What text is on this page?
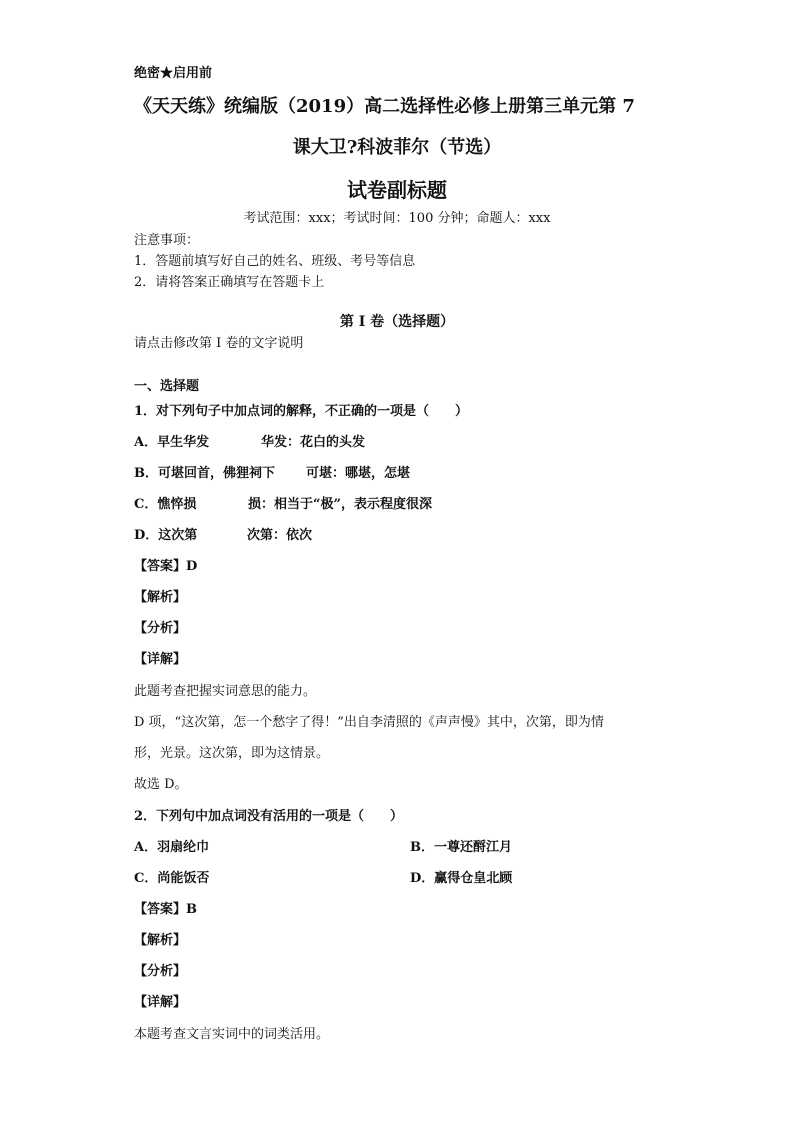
绝密★启用前
《天天练》统编版（2019）高二选择性必修上册第三单元第 7
课大卫?科波菲尔（节选）
试卷副标题
考试范围：xxx；考试时间：100 分钟；命题人：xxx
注意事项：
1．答题前填写好自己的姓名、班级、考号等信息
2．请将答案正确填写在答题卡上
第 I 卷（选择题）
请点击修改第 I 卷的文字说明
一、选择题
1．对下列句子中加点词的解释，不正确的一项是（　　）
A．早生华发	华发：花白的头发
B．可堪回首，佛狸祠下 可堪：哪堪，怎堪
C．憔悴损	损：相当于“极”，表示程度很深
D．这次第	次第：依次
【答案】D
【解析】
【分析】
【详解】
此题考查把握实词意思的能力。
D 项，“这次第，怎一个愁字了得！”出自李清照的《声声慢》其中，次第，即为情
形，光景。这次第，即为这情景。
故选 D。
2．下列句中加点词没有活用的一项是（　　）
A．羽扇纶巾	B．一尊还酹江月
C．尚能饭否	D．赢得仓皇北顾
【答案】B
【解析】
【分析】
【详解】
本题考查文言实词中的词类活用。
